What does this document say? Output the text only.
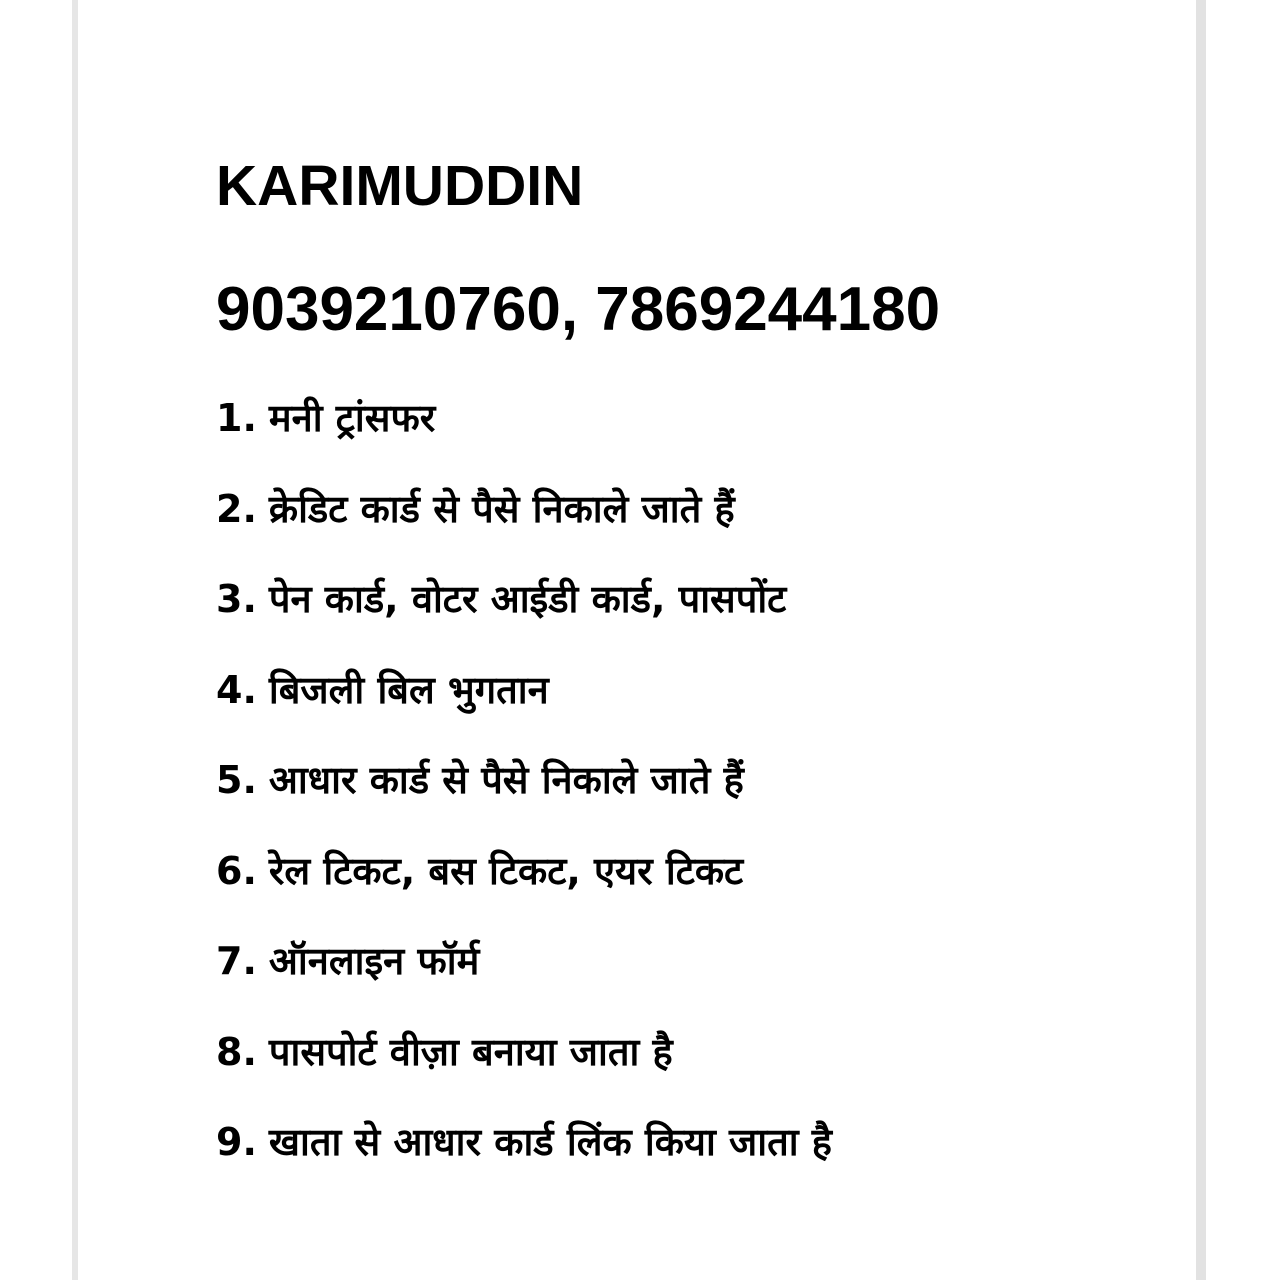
KARIMUDDIN
9039210760, 7869244180
1. मनी ट्रांसफर
2. क्रेडिट कार्ड से पैसे निकाले जाते हैं
3. पेन कार्ड, वोटर आईडी कार्ड, पासपोंट
4. बिजली बिल भुगतान
5. आधार कार्ड से पैसे निकाले जाते हैं
6. रेल टिकट, बस टिकट, एयर टिकट
7. ऑनलाइन फॉर्म
8. पासपोर्ट वीज़ा बनाया जाता है
9. खाता से आधार कार्ड लिंक किया जाता है
